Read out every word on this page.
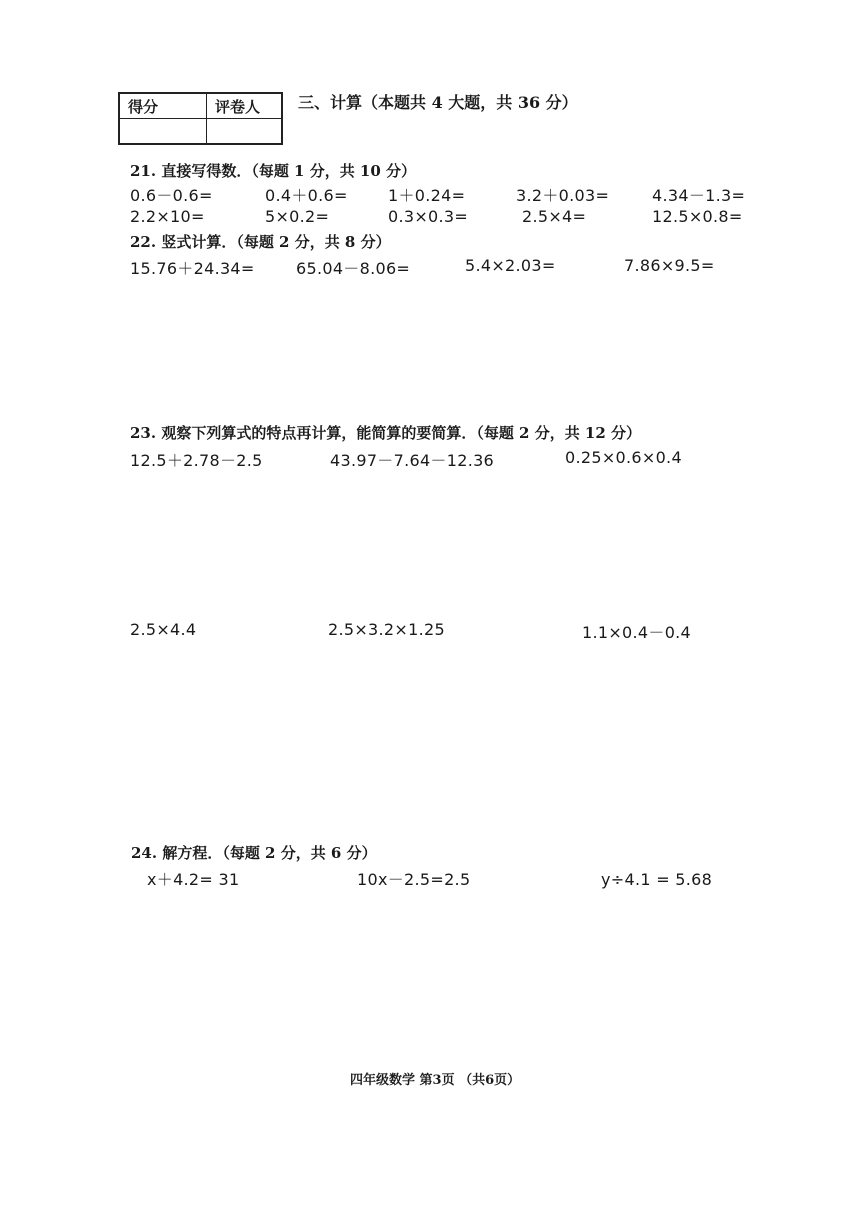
得分	评卷人
	三、计算（本题共 4 大题，共 36 分）
21. 直接写得数．（每题 1 分，共 10 分）
0.6－0.6=	0.4＋0.6=	1＋0.24=	3.2＋0.03=	4.34－1.3=
2.2×10=	5×0.2=	0.3×0.3=	2.5×4=	12.5×0.8=
22. 竖式计算．（每题 2 分，共 8 分）
15.76＋24.34=	65.04－8.06=	5.4×2.03=	7.86×9.5=
23. 观察下列算式的特点再计算，能简算的要简算．（每题 2 分，共 12 分）
12.5＋2.78－2.5	43.97－7.64－12.36	0.25×0.6×0.4
2.5×4.4	2.5×3.2×1.25	1.1×0.4－0.4
24. 解方程．（每题 2 分，共 6 分）
x＋4.2= 31	10x－2.5=2.5	y÷4.1 = 5.68
四年级数学 第3页 （共6页）
